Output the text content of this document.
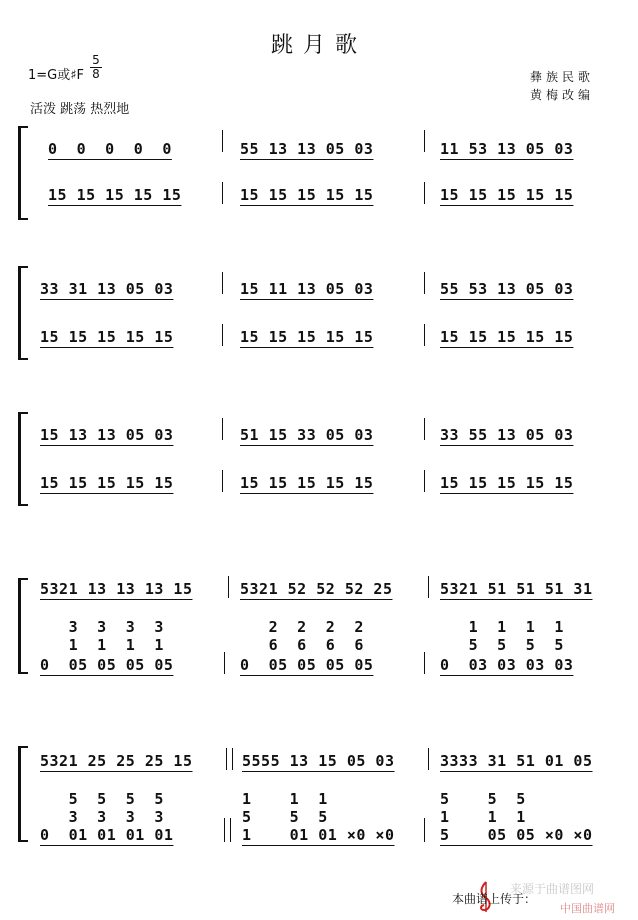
跳月歌
1=G或♯F
5
8
活泼 跳荡 热烈地
彝族民歌
黄梅改编
0  0  0  0  0	55 13 13 05 03	11 53 13 05 03
15 15 15 15 15	15 15 15 15 15	15 15 15 15 15
33 31 13 05 03	15 11 13 05 03	55 53 13 05 03
15 15 15 15 15	15 15 15 15 15	15 15 15 15 15
15 13 13 05 03	51 15 33 05 03	33 55 13 05 03
15 15 15 15 15	15 15 15 15 15	15 15 15 15 15
5321 13 13 13 15	5321 52 52 52 25	5321 51 51 51 31
3  3  3  3	2  2  2  2	1  1  1  1
1  1  1  1	6  6  6  6	5  5  5  5
0  05 05 05 05	0  05 05 05 05	0  03 03 03 03
5321 25 25 25 15	5555 13 15 05 03	3333 31 51 01 05
5  5  5  5	1    1  1	5    5  5
3  3  3  3	5    5  5	1    1  1
0  01 01 01 01	1    01 01 ×0 ×0	5    05 05 ×0 ×0
来源于曲谱图网
本曲谱上传于：
中国曲谱网
